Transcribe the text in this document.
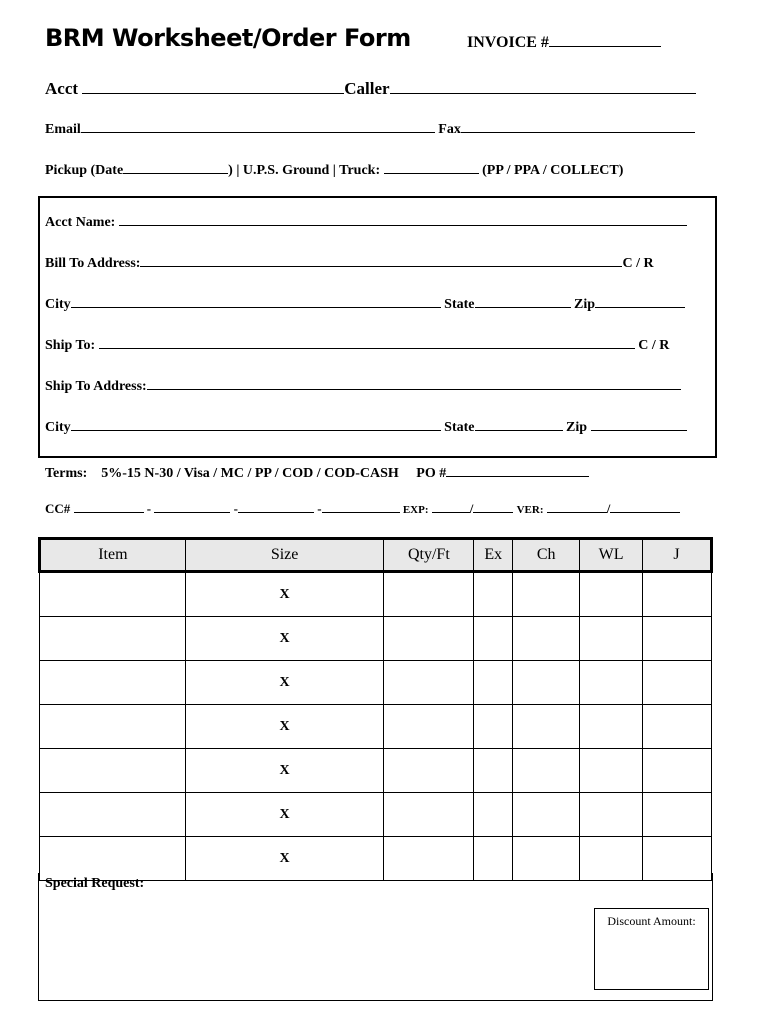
BRM Worksheet/Order Form	INVOICE #
Acct	Caller
Email	Fax
Pickup (Date	) | U.P.S. Ground | Truck:	(PP / PPA / COLLECT)
Acct Name:
Bill To Address:	C / R
City	State	Zip
Ship To:	C / R
Ship To Address:
City	State	Zip
Terms: 5%-15 N-30 / Visa / MC / PP / COD / COD-CASH PO #
CC#	-	-	-	EXP:	/	VER:	/
Item	Size	Qty/Ft	Ex	Ch	WL	J
	X					
	X					
	X					
	X					
	X					
	X					
	X					
Special Request:
Discount Amount:
